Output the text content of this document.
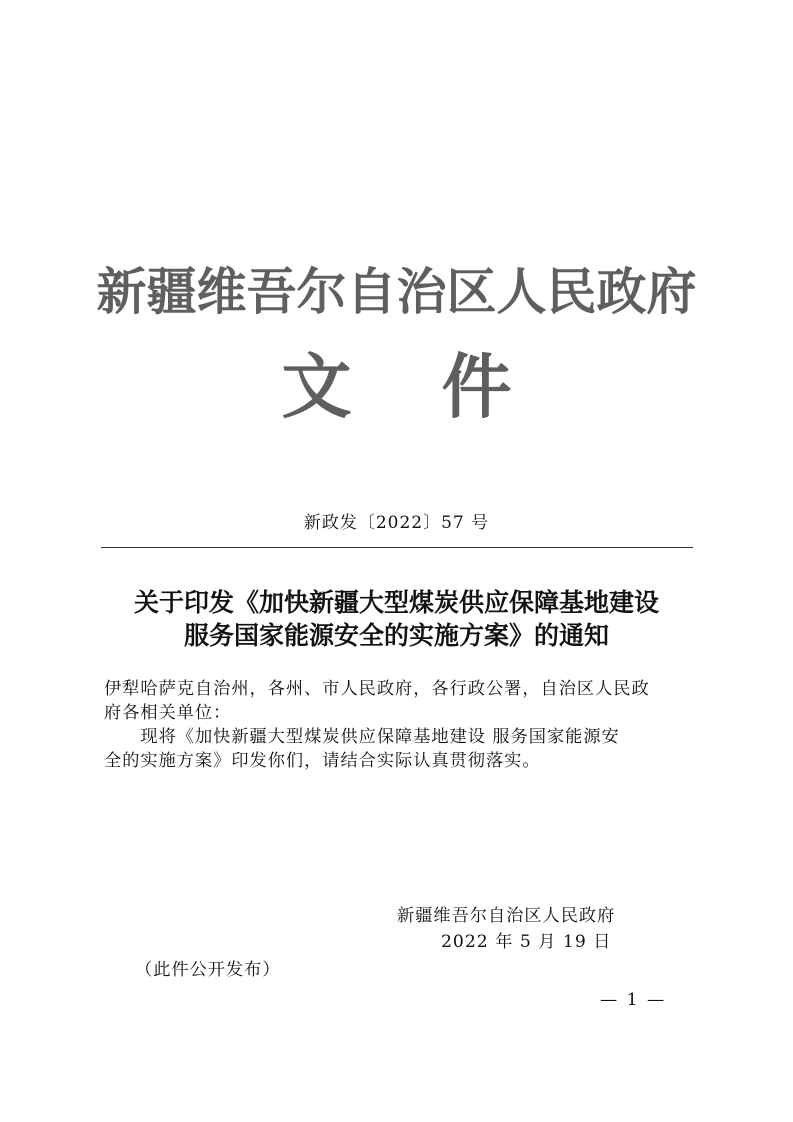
新疆维吾尔自治区人民政府
文件
新政发〔2022〕57 号
关于印发《加快新疆大型煤炭供应保障基地建设
服务国家能源安全的实施方案》的通知
伊犁哈萨克自治州，各州、市人民政府，各行政公署，自治区人民政
府各相关单位：
　　现将《加快新疆大型煤炭供应保障基地建设 服务国家能源安
全的实施方案》印发你们，请结合实际认真贯彻落实。
新疆维吾尔自治区人民政府
2022 年 5 月 19 日
（此件公开发布）
— 1 —
